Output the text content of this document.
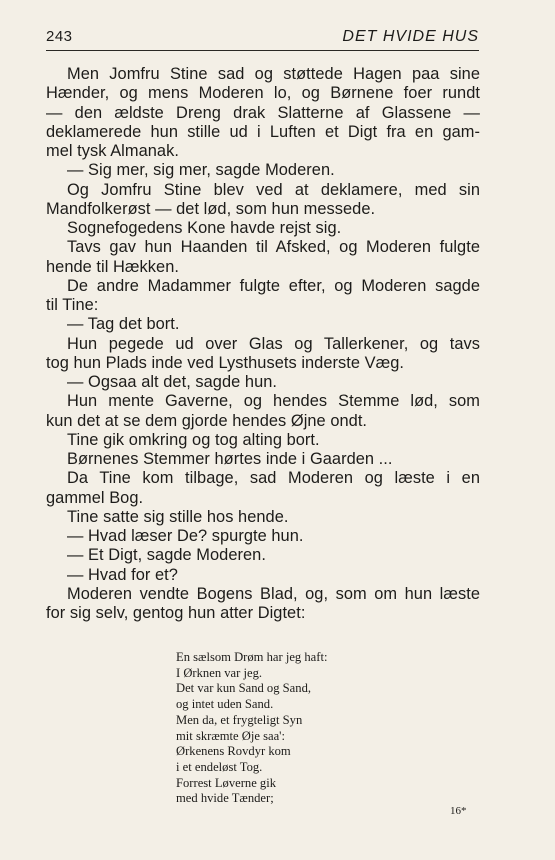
243	DET HVIDE HUS
Men Jomfru Stine sad og støttede Hagen paa sine
Hænder, og mens Moderen lo, og Børnene foer rundt
— den ældste Dreng drak Slatterne af Glassene —
deklamerede hun stille ud i Luften et Digt fra en gam-
mel tysk Almanak.
— Sig mer, sig mer, sagde Moderen.
Og Jomfru Stine blev ved at deklamere, med sin
Mandfolkerøst — det lød, som hun messede.
Sognefogedens Kone havde rejst sig.
Tavs gav hun Haanden til Afsked, og Moderen fulgte
hende til Hækken.
De andre Madammer fulgte efter, og Moderen sagde
til Tine:
— Tag det bort.
Hun pegede ud over Glas og Tallerkener, og tavs
tog hun Plads inde ved Lysthusets inderste Væg.
— Ogsaa alt det, sagde hun.
Hun mente Gaverne, og hendes Stemme lød, som
kun det at se dem gjorde hendes Øjne ondt.
Tine gik omkring og tog alting bort.
Børnenes Stemmer hørtes inde i Gaarden ...
Da Tine kom tilbage, sad Moderen og læste i en
gammel Bog.
Tine satte sig stille hos hende.
— Hvad læser De? spurgte hun.
— Et Digt, sagde Moderen.
— Hvad for et?
Moderen vendte Bogens Blad, og, som om hun læste
for sig selv, gentog hun atter Digtet:
En sælsom Drøm har jeg haft:
I Ørknen var jeg.
Det var kun Sand og Sand,
og intet uden Sand.
Men da, et frygteligt Syn
mit skræmte Øje saa':
Ørkenens Rovdyr kom
i et endeløst Tog.
Forrest Løverne gik
med hvide Tænder;
16*
